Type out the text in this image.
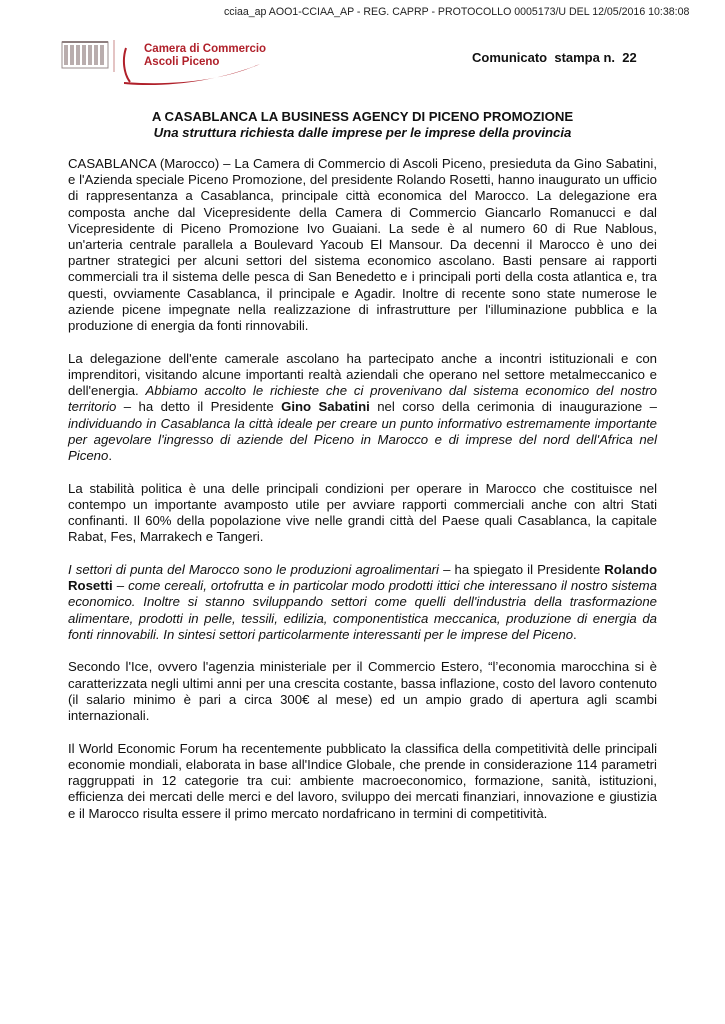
cciaa_ap AOO1-CCIAA_AP - REG. CAPRP - PROTOCOLLO 0005173/U DEL 12/05/2016 10:38:08
Camera di Commercio
Ascoli Piceno	Comunicato  stampa n.  22
A CASABLANCA LA BUSINESS AGENCY DI PICENO PROMOZIONE
Una struttura richiesta dalle imprese per le imprese della provincia

CASABLANCA (Marocco) – La Camera di Commercio di Ascoli Piceno, presieduta da Gino Sabatini, e l'Azienda speciale Piceno Promozione, del presidente Rolando Rosetti, hanno inaugurato un ufficio di rappresentanza a Casablanca, principale città economica del Marocco. La delegazione era composta anche dal Vicepresidente della Camera di Commercio Giancarlo Romanucci e dal Vicepresidente di Piceno Promozione Ivo Guaiani. La sede è al numero 60 di Rue Nablous, un'arteria centrale parallela a Boulevard Yacoub El Mansour. Da decenni il Marocco è uno dei partner strategici per alcuni settori del sistema economico ascolano. Basti pensare ai rapporti commerciali tra il sistema delle pesca di San Benedetto e i principali porti della costa atlantica e, tra questi, ovviamente Casablanca, il principale e Agadir. Inoltre di recente sono state numerose le aziende picene impegnate nella realizzazione di infrastrutture per l'illuminazione pubblica e la produzione di energia da fonti rinnovabili.

La delegazione dell'ente camerale ascolano ha partecipato anche a incontri istituzionali e con imprenditori, visitando alcune importanti realtà aziendali che operano nel settore metalmeccanico e dell'energia. Abbiamo accolto le richieste che ci provenivano dal sistema economico del nostro territorio – ha detto il Presidente Gino Sabatini nel corso della cerimonia di inaugurazione – individuando in Casablanca la città ideale per creare un punto informativo estremamente importante per agevolare l'ingresso di aziende del Piceno in Marocco e di imprese del nord dell'Africa nel Piceno.

La stabilità politica è una delle principali condizioni per operare in Marocco che costituisce nel contempo un importante avamposto utile per avviare rapporti commerciali anche con altri Stati confinanti. Il 60% della popolazione vive nelle grandi città del Paese quali Casablanca, la capitale Rabat, Fes, Marrakech e Tangeri.

I settori di punta del Marocco sono le produzioni agroalimentari – ha spiegato il Presidente Rolando Rosetti – come cereali, ortofrutta e in particolar modo prodotti ittici che interessano il nostro sistema economico. Inoltre si stanno sviluppando settori come quelli dell'industria della trasformazione alimentare, prodotti in pelle, tessili, edilizia, componentistica meccanica, produzione di energia da fonti rinnovabili. In sintesi settori particolarmente interessanti per le imprese del Piceno.

Secondo l'Ice, ovvero l'agenzia ministeriale per il Commercio Estero, “l’economia marocchina si è caratterizzata negli ultimi anni per una crescita costante, bassa inflazione, costo del lavoro contenuto (il salario minimo è pari a circa 300€ al mese) ed un ampio grado di apertura agli scambi internazionali.

Il World Economic Forum ha recentemente pubblicato la classifica della competitività delle principali economie mondiali, elaborata in base all'Indice Globale, che prende in considerazione 114 parametri raggruppati in 12 categorie tra cui: ambiente macroeconomico, formazione, sanità, istituzioni, efficienza dei mercati delle merci e del lavoro, sviluppo dei mercati finanziari, innovazione e giustizia e il Marocco risulta essere il primo mercato nordafricano in termini di competitività.
